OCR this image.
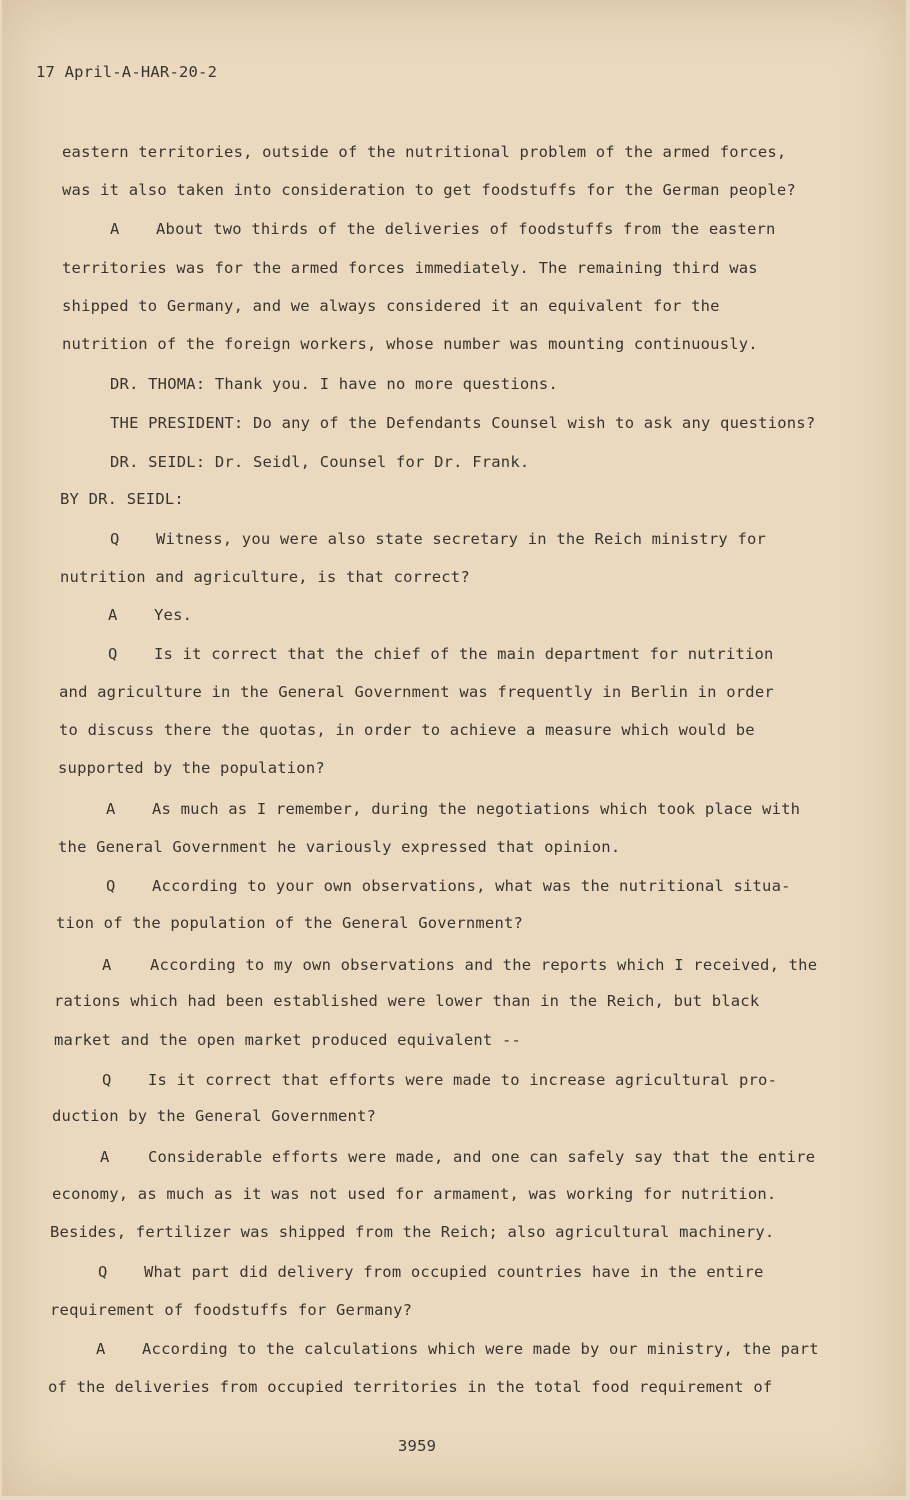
17 April-A-HAR-20-2
eastern territories, outside of the nutritional problem of the armed forces,
was it also taken into consideration to get foodstuffs for the German people?
A About two thirds of the deliveries of foodstuffs from the eastern
territories was for the armed forces immediately. The remaining third was
shipped to Germany, and we always considered it an equivalent for the
nutrition of the foreign workers, whose number was mounting continuously.
DR. THOMA: Thank you. I have no more questions.
THE PRESIDENT: Do any of the Defendants Counsel wish to ask any questions?
DR. SEIDL: Dr. Seidl, Counsel for Dr. Frank.
BY DR. SEIDL:
Q Witness, you were also state secretary in the Reich ministry for
nutrition and agriculture, is that correct?
A Yes.
Q Is it correct that the chief of the main department for nutrition
and agriculture in the General Government was frequently in Berlin in order
to discuss there the quotas, in order to achieve a measure which would be
supported by the population?
A As much as I remember, during the negotiations which took place with
the General Government he variously expressed that opinion.
Q According to your own observations, what was the nutritional situa-
tion of the population of the General Government?
A According to my own observations and the reports which I received, the
rations which had been established were lower than in the Reich, but black
market and the open market produced equivalent --
Q Is it correct that efforts were made to increase agricultural pro-
duction by the General Government?
A Considerable efforts were made, and one can safely say that the entire
economy, as much as it was not used for armament, was working for nutrition.
Besides, fertilizer was shipped from the Reich; also agricultural machinery.
Q What part did delivery from occupied countries have in the entire
requirement of foodstuffs for Germany?
A According to the calculations which were made by our ministry, the part
of the deliveries from occupied territories in the total food requirement of
3959
